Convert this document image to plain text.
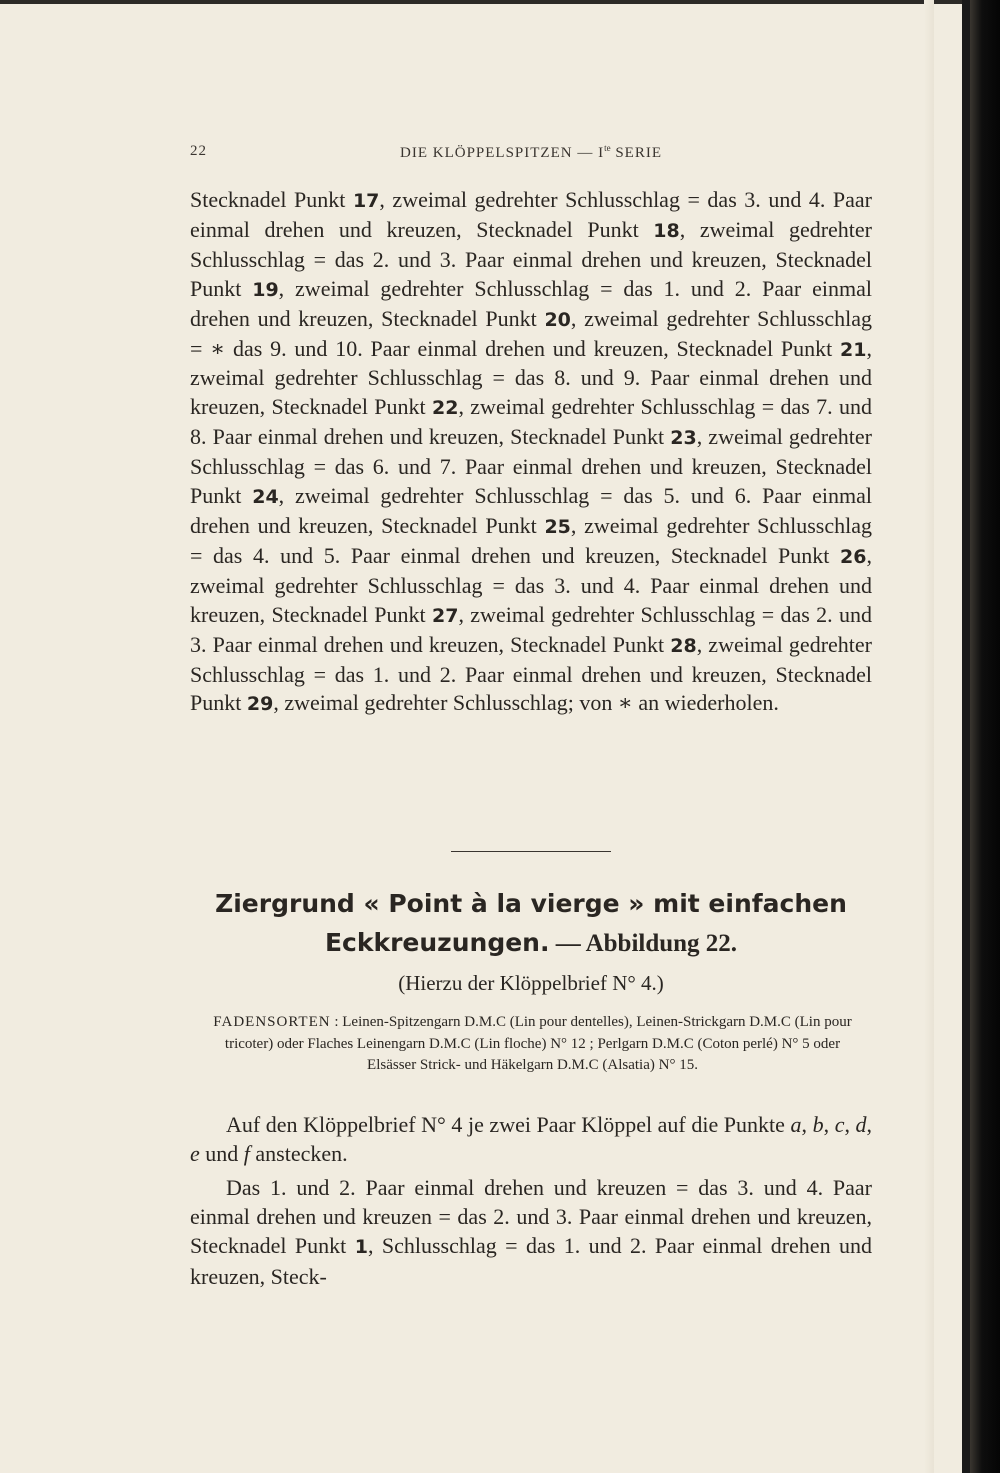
22	DIE KLÖPPELSPITZEN — $I^{te}$ SERIE

Stecknadel Punkt 17, zweimal gedrehter Schlusschlag = das 3. und 4. Paar einmal drehen und kreuzen, Stecknadel Punkt 18, zweimal gedrehter Schlusschlag = das 2. und 3. Paar einmal drehen und kreuzen, Stecknadel Punkt 19, zweimal gedrehter Schlusschlag = das 1. und 2. Paar einmal drehen und kreuzen, Stecknadel Punkt 20, zweimal gedrehter Schlusschlag = ∗ das 9. und 10. Paar einmal drehen und kreuzen, Stecknadel Punkt 21, zweimal gedrehter Schlusschlag = das 8. und 9. Paar einmal drehen und kreuzen, Stecknadel Punkt 22, zweimal gedrehter Schlusschlag = das 7. und 8. Paar einmal drehen und kreuzen, Stecknadel Punkt 23, zweimal gedrehter Schlusschlag = das 6. und 7. Paar einmal drehen und kreuzen, Stecknadel Punkt 24, zweimal gedrehter Schlusschlag = das 5. und 6. Paar einmal drehen und kreuzen, Stecknadel Punkt 25, zweimal gedrehter Schlusschlag = das 4. und 5. Paar einmal drehen und kreuzen, Stecknadel Punkt 26, zweimal gedrehter Schlusschlag = das 3. und 4. Paar einmal drehen und kreuzen, Stecknadel Punkt 27, zweimal gedrehter Schlusschlag = das 2. und 3. Paar einmal drehen und kreuzen, Stecknadel Punkt 28, zweimal gedrehter Schlusschlag = das 1. und 2. Paar einmal drehen und kreuzen, Stecknadel Punkt 29, zweimal gedrehter Schlusschlag; von ∗ an wiederholen.

Ziergrund « Point à la vierge » mit einfachen
Eckkreuzungen. — Abbildung 22.

(Hierzu der Klöppelbrief N° 4.)

FADENSORTEN : Leinen-Spitzengarn D.M.C (Lin pour dentelles), Leinen-Strickgarn D.M.C (Lin pour tricoter) oder Flaches Leinengarn D.M.C (Lin floche) N° 12 ; Perlgarn D.M.C (Coton perlé) N° 5 oder Elsässer Strick- und Häkelgarn D.M.C (Alsatia) N° 15.

Auf den Klöppelbrief N° 4 je zwei Paar Klöppel auf die Punkte a, b, c, d, e und f anstecken.

Das 1. und 2. Paar einmal drehen und kreuzen = das 3. und 4. Paar einmal drehen und kreuzen = das 2. und 3. Paar einmal drehen und kreuzen, Stecknadel Punkt 1, Schlusschlag = das 1. und 2. Paar einmal drehen und kreuzen, Steck-
